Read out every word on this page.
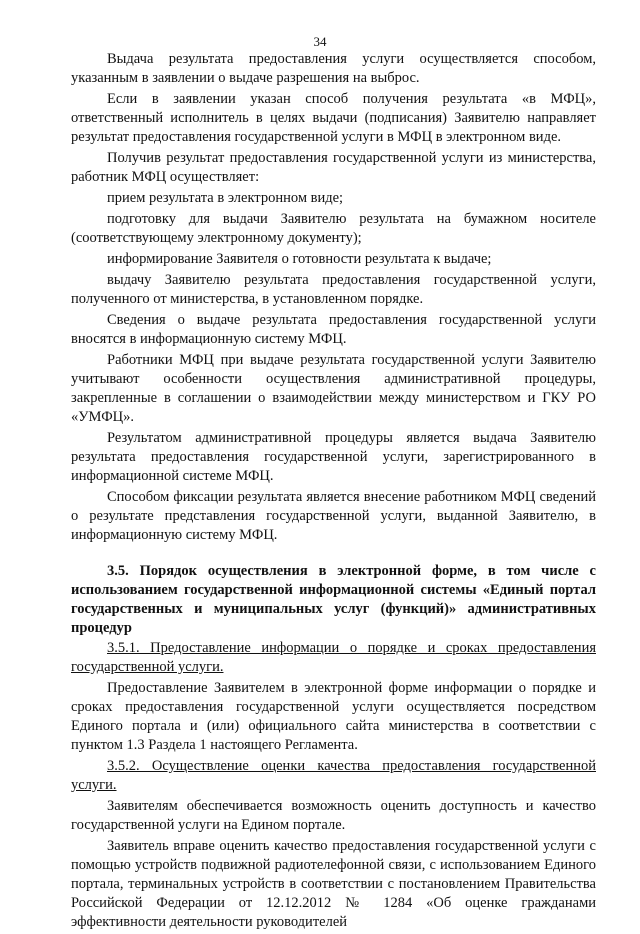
34

Выдача результата предоставления услуги осуществляется способом, указанным в заявлении о выдаче разрешения на выброс.

Если в заявлении указан способ получения результата «в МФЦ», ответственный исполнитель в целях выдачи (подписания) Заявителю направляет результат предоставления государственной услуги в МФЦ в электронном виде.

Получив результат предоставления государственной услуги из министерства, работник МФЦ осуществляет:

прием результата в электронном виде;

подготовку для выдачи Заявителю результата на бумажном носителе (соответствующему электронному документу);

информирование Заявителя о готовности результата к выдаче;

выдачу Заявителю результата предоставления государственной услуги, полученного от министерства, в установленном порядке.

Сведения о выдаче результата предоставления государственной услуги вносятся в информационную систему МФЦ.

Работники МФЦ при выдаче результата государственной услуги Заявителю учитывают особенности осуществления административной процедуры, закрепленные в соглашении о взаимодействии между министерством и ГКУ РО «УМФЦ».

Результатом административной процедуры является выдача Заявителю результата предоставления государственной услуги, зарегистрированного в информационной системе МФЦ.

Способом фиксации результата является внесение работником МФЦ сведений о результате представления государственной услуги, выданной Заявителю, в информационную систему МФЦ.

3.5. Порядок осуществления в электронной форме, в том числе с использованием государственной информационной системы «Единый портал государственных и муниципальных услуг (функций)» административных процедур

3.5.1. Предоставление информации о порядке и сроках предоставления государственной услуги.

Предоставление Заявителем в электронной форме информации о порядке и сроках предоставления государственной услуги осуществляется посредством Единого портала и (или) официального сайта министерства в соответствии с пунктом 1.3 Раздела 1 настоящего Регламента.

3.5.2. Осуществление оценки качества предоставления государственной услуги.

Заявителям обеспечивается возможность оценить доступность и качество государственной услуги на Едином портале.

Заявитель вправе оценить качество предоставления государственной услуги с помощью устройств подвижной радиотелефонной связи, с использованием Единого портала, терминальных устройств в соответствии с постановлением Правительства Российской Федерации от 12.12.2012 № 1284 «Об оценке гражданами эффективности деятельности руководителей
